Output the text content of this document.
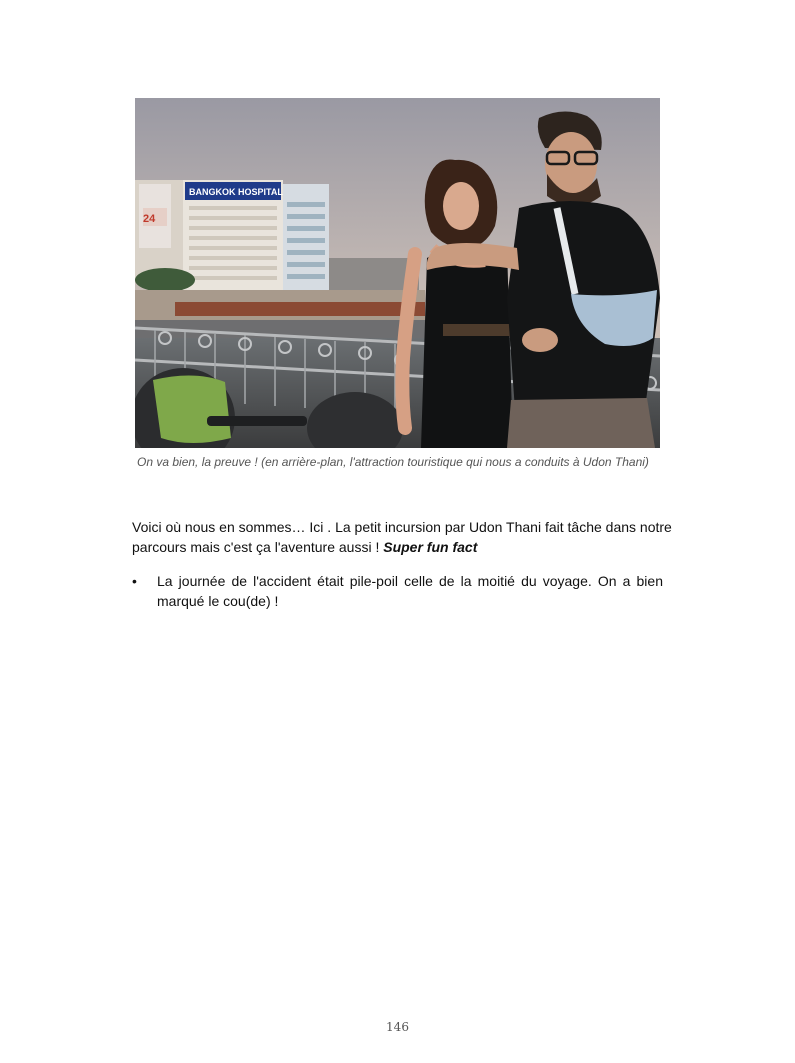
BANGKOK HOSPITAL
24
On va bien, la preuve ! (en arrière-plan, l'attraction touristique qui nous a conduits à Udon Thani)

Voici où nous en sommes… Ici . La petit incursion par Udon Thani fait tâche dans notre parcours mais c'est ça l'aventure aussi ! Super fun fact

• La journée de l'accident était pile-poil celle de la moitié du voyage. On a bien marqué le cou(de) !
146
